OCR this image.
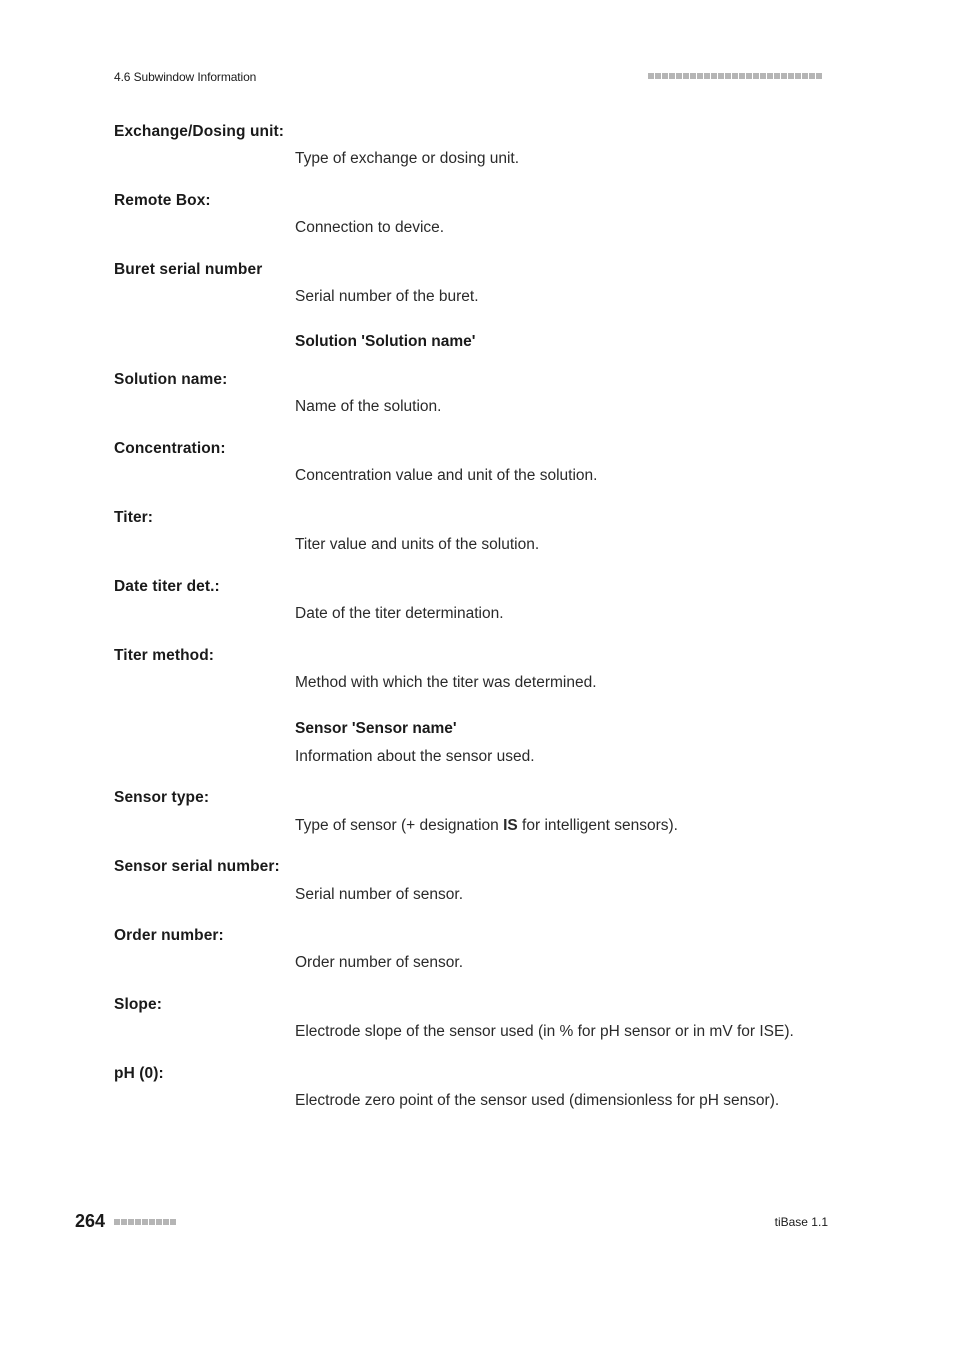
4.6 Subwindow Information
Exchange/Dosing unit:
Type of exchange or dosing unit.
Remote Box:
Connection to device.
Buret serial number
Serial number of the buret.
Solution 'Solution name'
Solution name:
Name of the solution.
Concentration:
Concentration value and unit of the solution.
Titer:
Titer value and units of the solution.
Date titer det.:
Date of the titer determination.
Titer method:
Method with which the titer was determined.
Sensor 'Sensor name'
Information about the sensor used.
Sensor type:
Type of sensor (+ designation IS for intelligent sensors).
Sensor serial number:
Serial number of sensor.
Order number:
Order number of sensor.
Slope:
Electrode slope of the sensor used (in % for pH sensor or in mV for ISE).
pH (0):
Electrode zero point of the sensor used (dimensionless for pH sensor).
264	tiBase 1.1
